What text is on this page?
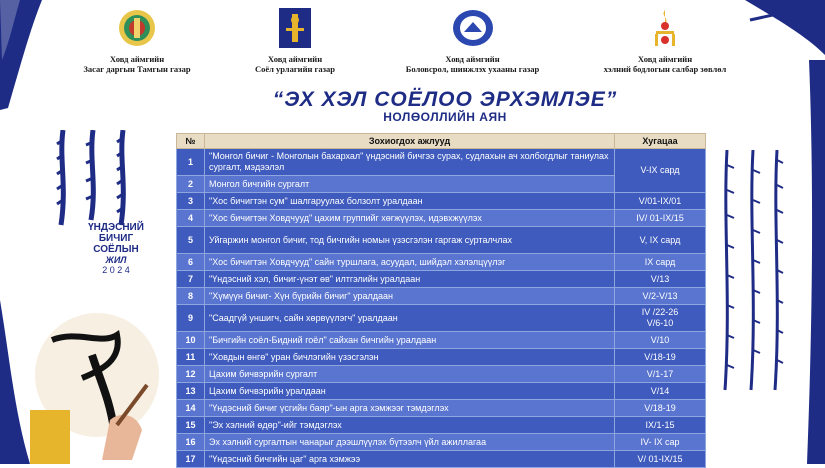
Ховд аймгийн
Засаг даргын Тамгын газар
Ховд аймгийн
Соёл урлагийн газар
Ховд аймгийн
Боловсрол, шинжлэх ухааны газар
Ховд аймгийн
хэлний бодлогын салбар зөвлөл
“ЭХ ХЭЛ СОЁЛОО ЭРХЭМЛЭЕ”
НОЛӨОЛЛИЙН АЯН
ҮНДЭСНИЙ
БИЧИГ
СОЁЛЫН
ЖИЛ
2 0 2 4
№	Зохиогдох ажлууд	Хугацаа
1	"Монгол бичиг - Монголын бахархал" үндэсний бичгээ сурах, судлахын ач холбогдлыг таниулах сургалт, мэдээлэл	V-IX сард
2	Монгол бичгийн сургалт	
3	"Хос бичигтэн сум" шалгаруулах болзолт уралдаан	V/01-IX/01
4	"Хос бичигтэн Ховдчууд" цахим группийг хөгжүүлэх, идэвхжүүлэх	IV/ 01-IX/15
5	Уйгаржин монгол бичиг, тод бичгийн номын үзэсгэлэн гаргаж сурталчлах	V, IX сард
6	"Хос бичигтэн Ховдчууд" сайн туршлага, асуудал, шийдэл хэлэлцүүлэг	IX сард
7	"Үндэсний хэл, бичиг-үнэт өв" илтгэлийн уралдаан	V/13
8	"Хүмүүн бичиг- Хүн бүрийн бичиг" уралдаан	V/2-V/13
9	"Саадгүй уншигч, сайн хөрвүүлэгч" уралдаан	IV /22-26
V/6-10
10	"Бичгийн соёл-Бидний гоёл" сайхан бичгийн уралдаан	V/10
11	"Ховдын өнгө" уран бичлэгийн үзэсгэлэн	V/18-19
12	Цахим бичвэрийн сургалт	V/1-17
13	Цахим бичвэрийн уралдаан	V/14
14	"Үндэсний бичиг үсгийн баяр"-ын арга хэмжээг тэмдэглэх	V/18-19
15	"Эх хэлний өдөр"-ийг тэмдэглэх	IX/1-15
16	Эх хэлний сургалтын чанарыг дээшлүүлэх бүтээлч үйл ажиллагаа	IV- IX сар
17	"Үндэсний бичгийн цаг" арга хэмжээ	V/ 01-IX/15
